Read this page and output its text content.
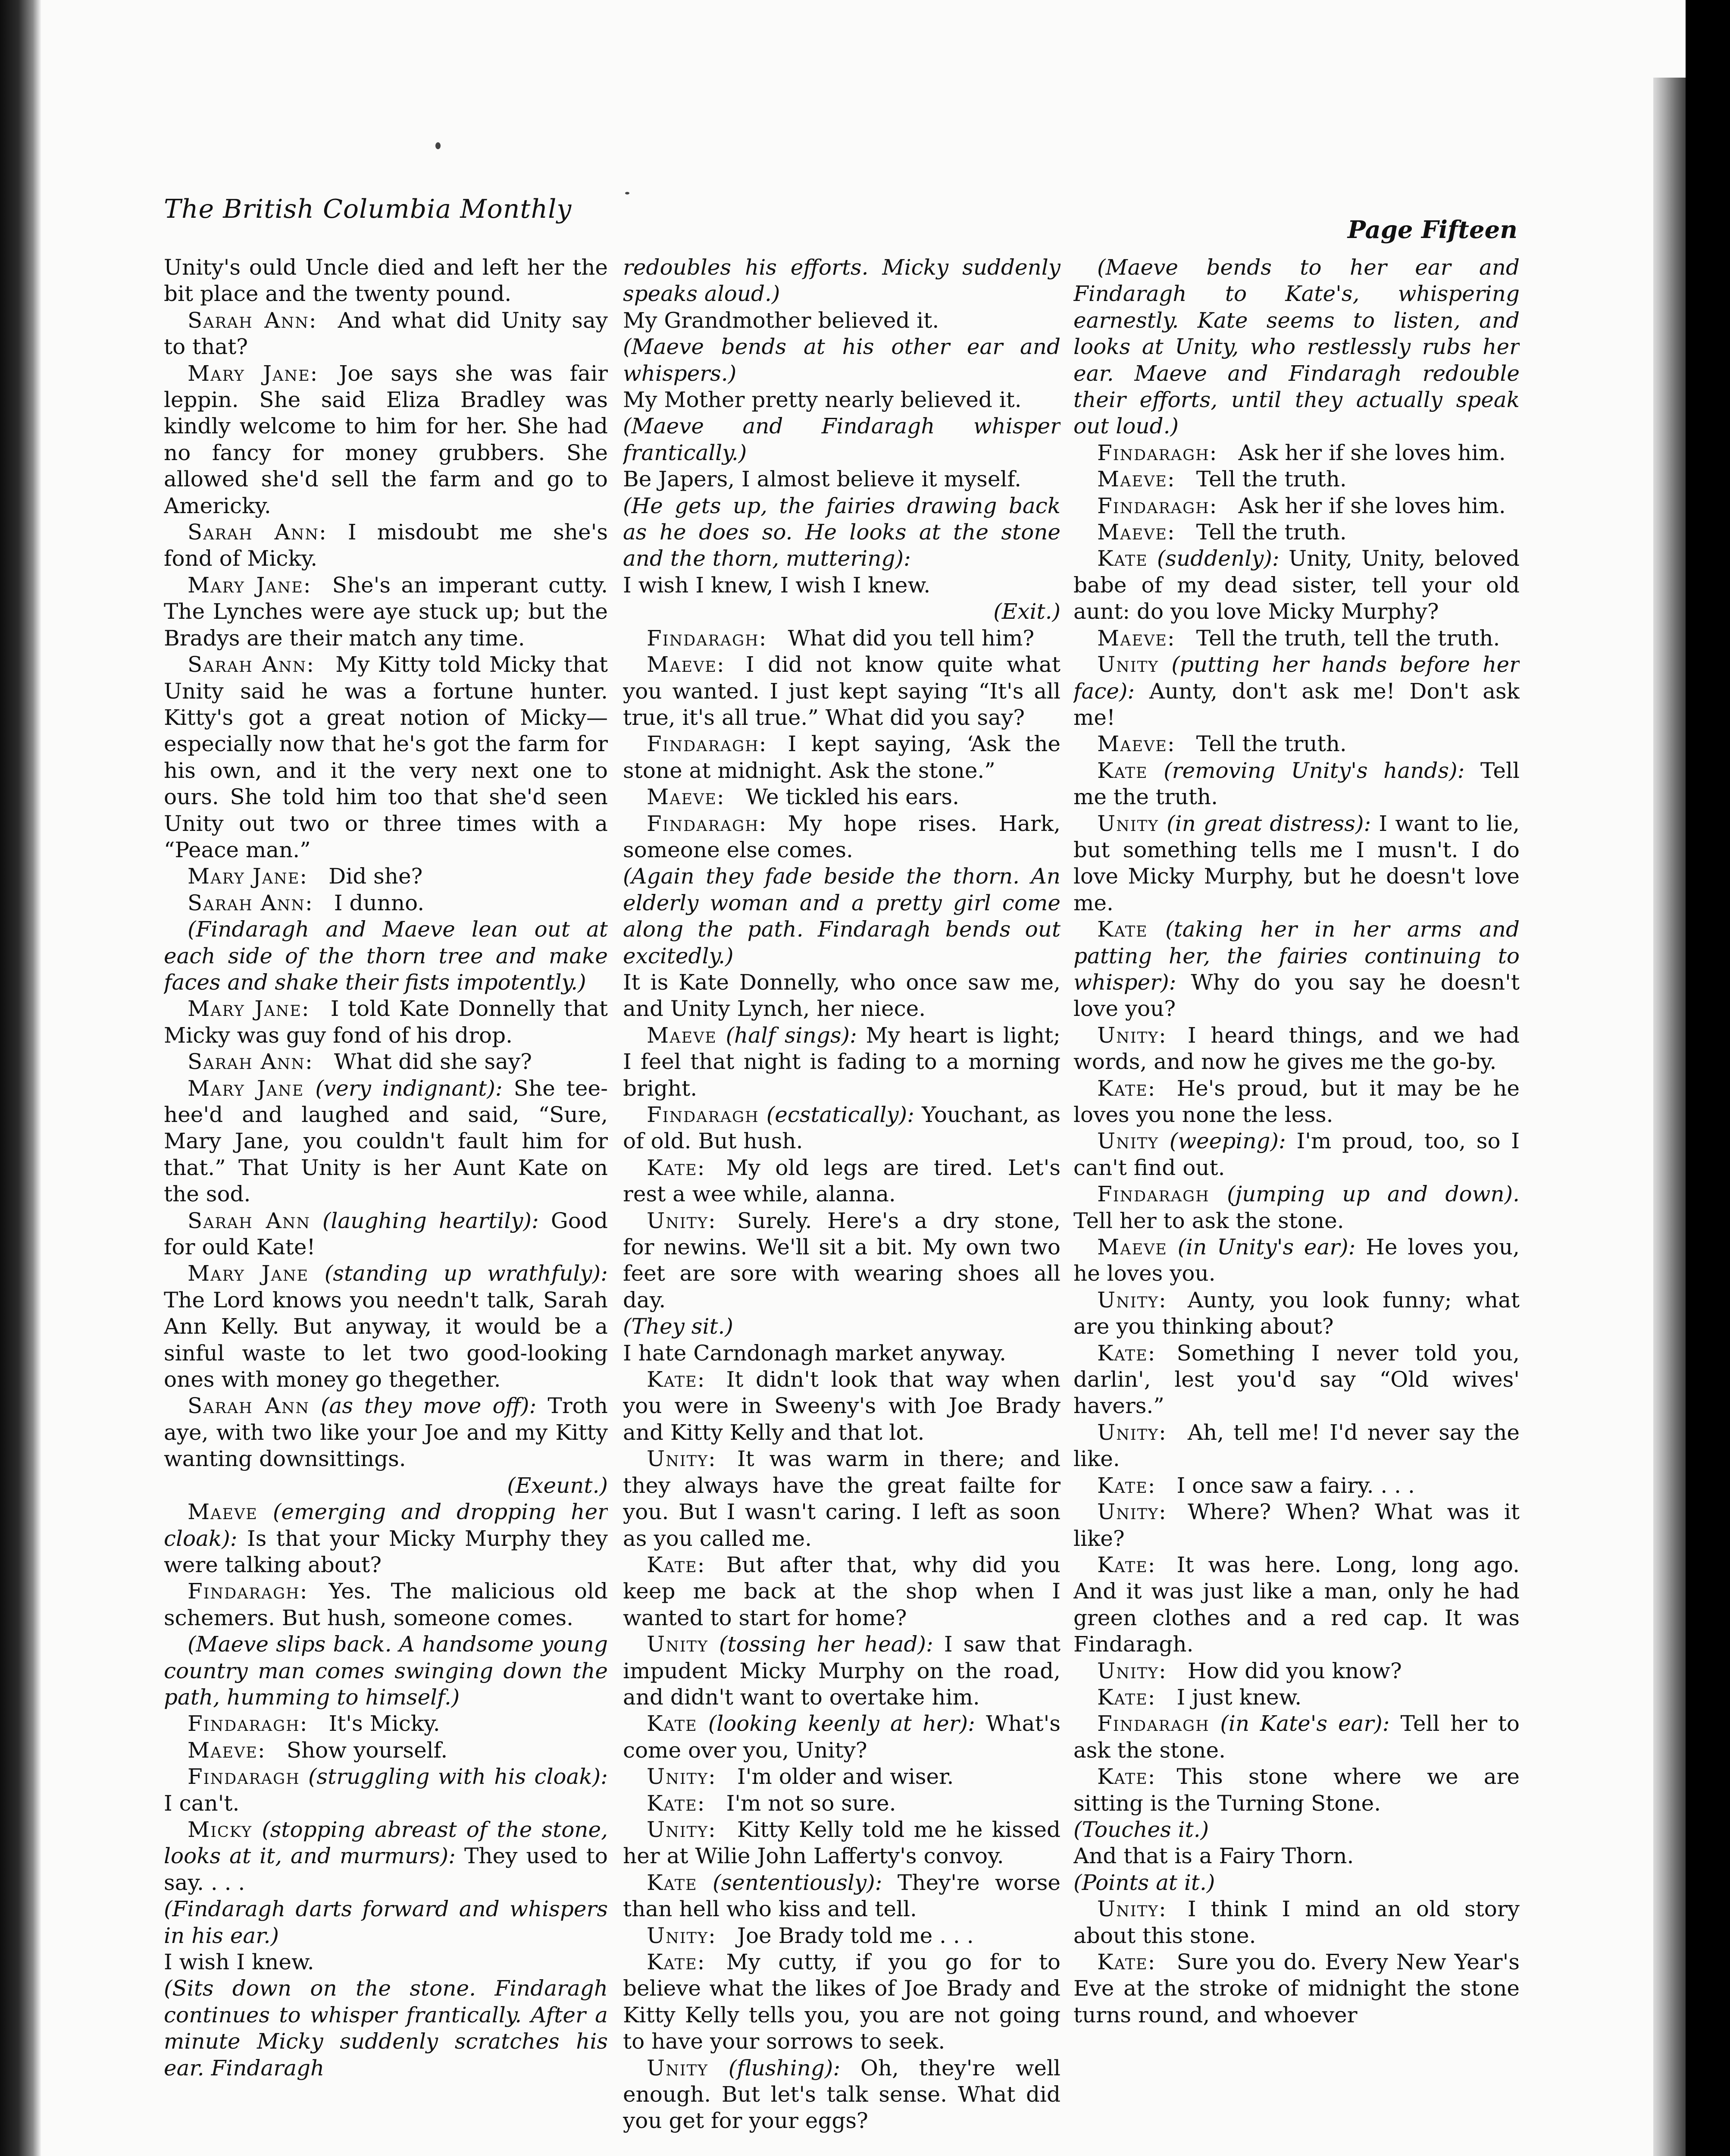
The British Columbia Monthly
Page Fifteen

Unity's ould Uncle died and left her the bit place and the twenty pound.

Sarah Ann: And what did Unity say to that?

Mary Jane: Joe says she was fair leppin. She said Eliza Bradley was kindly welcome to him for her. She had no fancy for money grubbers. She allowed she'd sell the farm and go to Americky.

Sarah Ann: I misdoubt me she's fond of Micky.

Mary Jane: She's an imperant cutty. The Lynches were aye stuck up; but the Bradys are their match any time.

Sarah Ann: My Kitty told Micky that Unity said he was a fortune hunter. Kitty's got a great notion of Micky—especially now that he's got the farm for his own, and it the very next one to ours. She told him too that she'd seen Unity out two or three times with a “Peace man.”

Mary Jane: Did she?

Sarah Ann: I dunno.

(Findaragh and Maeve lean out at each side of the thorn tree and make faces and shake their fists impotently.)

Mary Jane: I told Kate Donnelly that Micky was guy fond of his drop.

Sarah Ann: What did she say?

Mary Jane (very indignant): She tee-hee'd and laughed and said, “Sure, Mary Jane, you couldn't fault him for that.” That Unity is her Aunt Kate on the sod.

Sarah Ann (laughing heartily): Good for ould Kate!

Mary Jane (standing up wrathfuly): The Lord knows you needn't talk, Sarah Ann Kelly. But anyway, it would be a sinful waste to let two good-looking ones with money go thegether.

Sarah Ann (as they move off): Troth aye, with two like your Joe and my Kitty wanting downsittings.

(Exeunt.)

Maeve (emerging and dropping her cloak): Is that your Micky Murphy they were talking about?

Findaragh: Yes. The malicious old schemers. But hush, someone comes.

(Maeve slips back. A handsome young country man comes swinging down the path, humming to himself.)

Findaragh: It's Micky.

Maeve: Show yourself.

Findaragh (struggling with his cloak): I can't.

Micky (stopping abreast of the stone, looks at it, and murmurs): They used to say. . . .

(Findaragh darts forward and whispers in his ear.)

I wish I knew.

(Sits down on the stone. Findaragh continues to whisper frantically. After a minute Micky suddenly scratches his ear. Findaragh

redoubles his efforts. Micky suddenly speaks aloud.)

My Grandmother believed it.

(Maeve bends at his other ear and whispers.)

My Mother pretty nearly believed it.

(Maeve and Findaragh whisper frantically.)

Be Japers, I almost believe it myself.

(He gets up, the fairies drawing back as he does so. He looks at the stone and the thorn, muttering):

I wish I knew, I wish I knew.

(Exit.)

Findaragh: What did you tell him?

Maeve: I did not know quite what you wanted. I just kept saying “It's all true, it's all true.” What did you say?

Findaragh: I kept saying, ‘Ask the stone at midnight. Ask the stone.”

Maeve: We tickled his ears.

Findaragh: My hope rises. Hark, someone else comes.

(Again they fade beside the thorn. An elderly woman and a pretty girl come along the path. Findaragh bends out excitedly.)

It is Kate Donnelly, who once saw me, and Unity Lynch, her niece.

Maeve (half sings): My heart is light; I feel that night is fading to a morning bright.

Findaragh (ecstatically): Youchant, as of old. But hush.

Kate: My old legs are tired. Let's rest a wee while, alanna.

Unity: Surely. Here's a dry stone, for newins. We'll sit a bit. My own two feet are sore with wearing shoes all day.

(They sit.)

I hate Carndonagh market anyway.

Kate: It didn't look that way when you were in Sweeny's with Joe Brady and Kitty Kelly and that lot.

Unity: It was warm in there; and they always have the great failte for you. But I wasn't caring. I left as soon as you called me.

Kate: But after that, why did you keep me back at the shop when I wanted to start for home?

Unity (tossing her head): I saw that impudent Micky Murphy on the road, and didn't want to overtake him.

Kate (looking keenly at her): What's come over you, Unity?

Unity: I'm older and wiser.

Kate: I'm not so sure.

Unity: Kitty Kelly told me he kissed her at Wilie John Lafferty's convoy.

Kate (sententiously): They're worse than hell who kiss and tell.

Unity: Joe Brady told me . . .

Kate: My cutty, if you go for to believe what the likes of Joe Brady and Kitty Kelly tells you, you are not going to have your sorrows to seek.

Unity (flushing): Oh, they're well enough. But let's talk sense. What did you get for your eggs?

(Maeve bends to her ear and Findaragh to Kate's, whispering earnestly. Kate seems to listen, and looks at Unity, who restlessly rubs her ear. Maeve and Findaragh redouble their efforts, until they actually speak out loud.)

Findaragh: Ask her if she loves him.

Maeve: Tell the truth.

Findaragh: Ask her if she loves him.

Maeve: Tell the truth.

Kate (suddenly): Unity, Unity, beloved babe of my dead sister, tell your old aunt: do you love Micky Murphy?

Maeve: Tell the truth, tell the truth.

Unity (putting her hands before her face): Aunty, don't ask me! Don't ask me!

Maeve: Tell the truth.

Kate (removing Unity's hands): Tell me the truth.

Unity (in great distress): I want to lie, but something tells me I musn't. I do love Micky Murphy, but he doesn't love me.

Kate (taking her in her arms and patting her, the fairies continuing to whisper): Why do you say he doesn't love you?

Unity: I heard things, and we had words, and now he gives me the go-by.

Kate: He's proud, but it may be he loves you none the less.

Unity (weeping): I'm proud, too, so I can't find out.

Findaragh (jumping up and down). Tell her to ask the stone.

Maeve (in Unity's ear): He loves you, he loves you.

Unity: Aunty, you look funny; what are you thinking about?

Kate: Something I never told you, darlin', lest you'd say “Old wives' havers.”

Unity: Ah, tell me! I'd never say the like.

Kate: I once saw a fairy. . . .

Unity: Where? When? What was it like?

Kate: It was here. Long, long ago. And it was just like a man, only he had green clothes and a red cap. It was Findaragh.

Unity: How did you know?

Kate: I just knew.

Findaragh (in Kate's ear): Tell her to ask the stone.

Kate: This stone where we are sitting is the Turning Stone.

(Touches it.)

And that is a Fairy Thorn.

(Points at it.)

Unity: I think I mind an old story about this stone.

Kate: Sure you do. Every New Year's Eve at the stroke of midnight the stone turns round, and whoever
